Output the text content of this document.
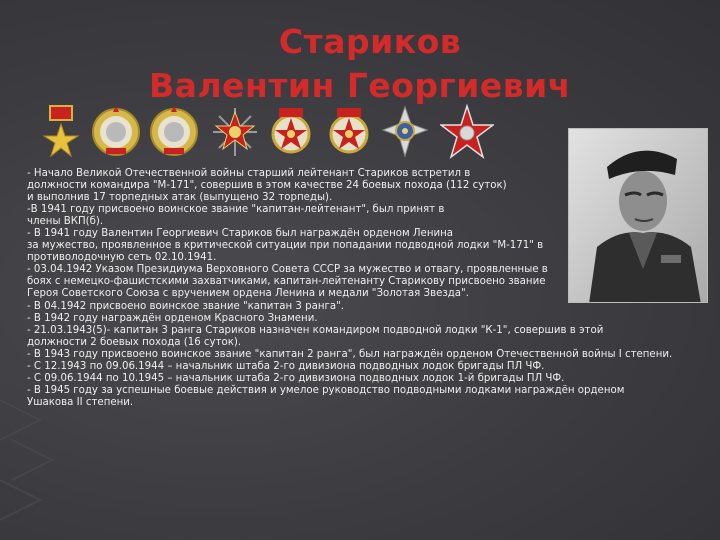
Стариков
Валентин Георгиевич
- Начало Великой Отечественной войны старший лейтенант Стариков встретил в
должности командира "М-171", совершив в этом качестве 24 боевых похода (112 суток)
и выполнив 17 торпедных атак (выпущено 32 торпеды).
-В 1941 году присвоено воинское звание "капитан-лейтенант", был принят в
члены ВКП(б).
- В 1941 году Валентин Георгиевич Стариков был награждён орденом Ленина
за мужество, проявленное в критической ситуации при попадании подводной лодки "М-171" в
противолодочную сеть 02.10.1941.
- 03.04.1942 Указом Президиума Верховного Совета СССР за мужество и отвагу, проявленные в
боях с немецко-фашистскими захватчиками, капитан-лейтенанту Старикову присвоено звание
Героя Советского Союза с вручением ордена Ленина и медали "Золотая Звезда".
- В 04.1942 присвоено воинское звание "капитан 3 ранга".
- В 1942 году награждён орденом Красного Знамени.
- 21.03.1943(5)- капитан 3 ранга Стариков назначен командиром подводной лодки "К-1", совершив в этой
должности 2 боевых похода (16 суток).
- В 1943 году присвоено воинское звание "капитан 2 ранга", был награждён орденом Отечественной войны I степени.
- С 12.1943 по 09.06.1944 – начальник штаба 2-го дивизиона подводных лодок бригады ПЛ ЧФ.
- С 09.06.1944 по 10.1945 – начальник штаба 2-го дивизиона подводных лодок 1-й бригады ПЛ ЧФ.
- В 1945 году за успешные боевые действия и умелое руководство подводными лодками награждён орденом
Ушакова II степени.
